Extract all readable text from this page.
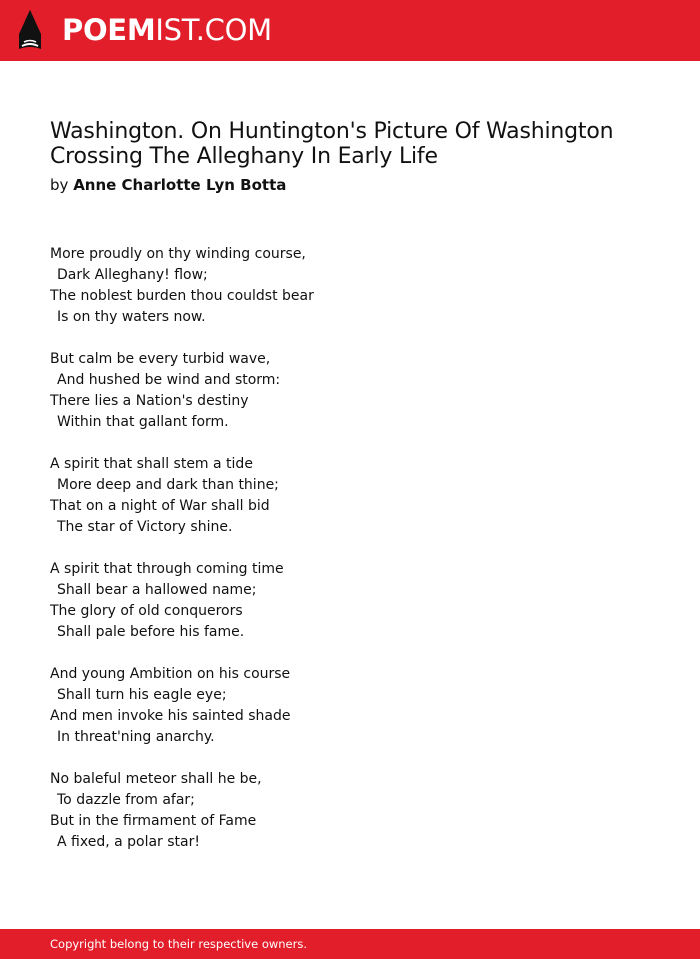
POEMIST.COM
Washington. On Huntington's Picture Of Washington Crossing The Alleghany In Early Life
by Anne Charlotte Lyn Botta
More proudly on thy winding course,
Dark Alleghany! flow;
The noblest burden thou couldst bear
Is on thy waters now.
But calm be every turbid wave,
And hushed be wind and storm:
There lies a Nation's destiny
Within that gallant form.
A spirit that shall stem a tide
More deep and dark than thine;
That on a night of War shall bid
The star of Victory shine.
A spirit that through coming time
Shall bear a hallowed name;
The glory of old conquerors
Shall pale before his fame.
And young Ambition on his course
Shall turn his eagle eye;
And men invoke his sainted shade
In threat'ning anarchy.
No baleful meteor shall he be,
To dazzle from afar;
But in the firmament of Fame
A fixed, a polar star!
Copyright belong to their respective owners.
